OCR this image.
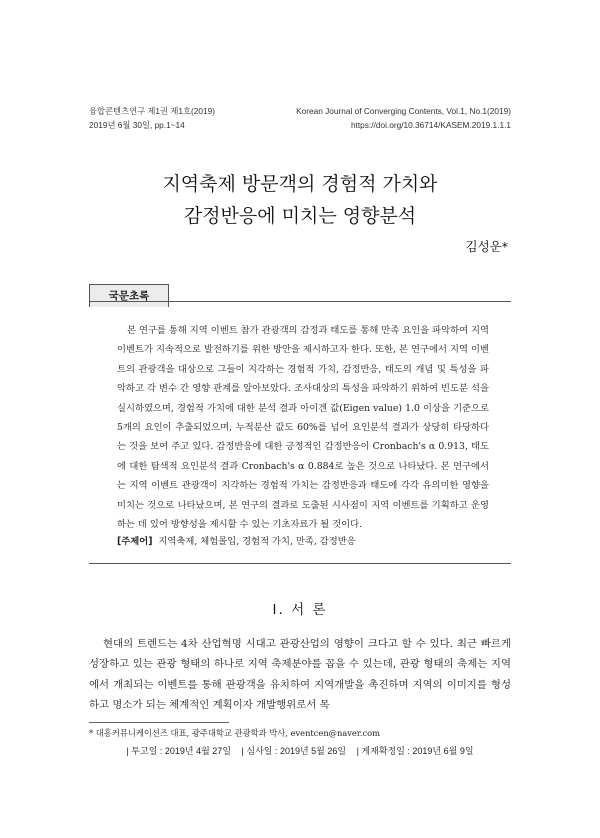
융합콘텐츠연구 제1권 제1호(2019)
2019년 6월 30일, pp.1~14
Korean Journal of Converging Contents, Vol.1, No.1(2019)
https://doi.org/10.36714/KASEM.2019.1.1.1
지역축제 방문객의 경험적 가치와
감정반응에 미치는 영향분석
김성운*
국문초록

본 연구를 통해 지역 이벤트 참가 관광객의 감정과 태도를 통해 만족 요인을 파악하여 지역 이벤트가 지속적으로 발전하기를 위한 방안을 제시하고자 한다. 또한, 본 연구에서 지역 이벤트의 관광객을 대상으로 그들이 지각하는 경험적 가치, 감정반응, 태도의 개념 및 특성을 파악하고 각 변수 간 영향 관계를 알아보았다. 조사대상의 특성을 파악하기 위하여 빈도분 석을 실시하였으며, 경험적 가치에 대한 분석 결과 아이겐 값(Eigen value) 1.0 이상을 기준으로 5개의 요인이 추출되었으며, 누적분산 값도 60%를 넘어 요인분석 결과가 상당히 타당하다는 것을 보여 주고 있다. 감정반응에 대한 긍정적인 감정반응이 Cronbach's α 0.913, 태도에 대한 탐색적 요인분석 결과 Cronbach's α 0.884로 높은 것으로 나타났다. 본 연구에서는 지역 이벤트 관광객이 지각하는 경험적 가치는 감정반응과 태도에 각각 유의미한 영향을 미치는 것으로 나타났으며, 본 연구의 결과로 도출된 시사점이 지역 이벤트를 기획하고 운영하는 데 있어 방향성을 제시할 수 있는 기초자료가 될 것이다.

[주제어] 지역축제, 체험몰입, 경험적 가치, 만족, 감정반응
Ⅰ. 서 론

현대의 트렌드는 4차 산업혁명 시대고 관광산업의 영향이 크다고 할 수 있다. 최근 빠르게 성장하고 있는 관광 형태의 하나로 지역 축제분야를 꼽을 수 있는데, 관광 형태의 축제는 지역에서 개최되는 이벤트를 통해 관광객을 유치하여 지역개발을 촉진하며 지역의 이미지를 형성하고 명소가 되는 체계적인 계획이자 개발행위로서 목

* 대흥커뮤니케이션즈 대표, 광주대학교 관광학과 박사, eventcen@naver.com
| 투고일 : 2019년 4월 27일 | 심사일 : 2019년 5월 26일 | 게재확정일 : 2019년 6월 9일
